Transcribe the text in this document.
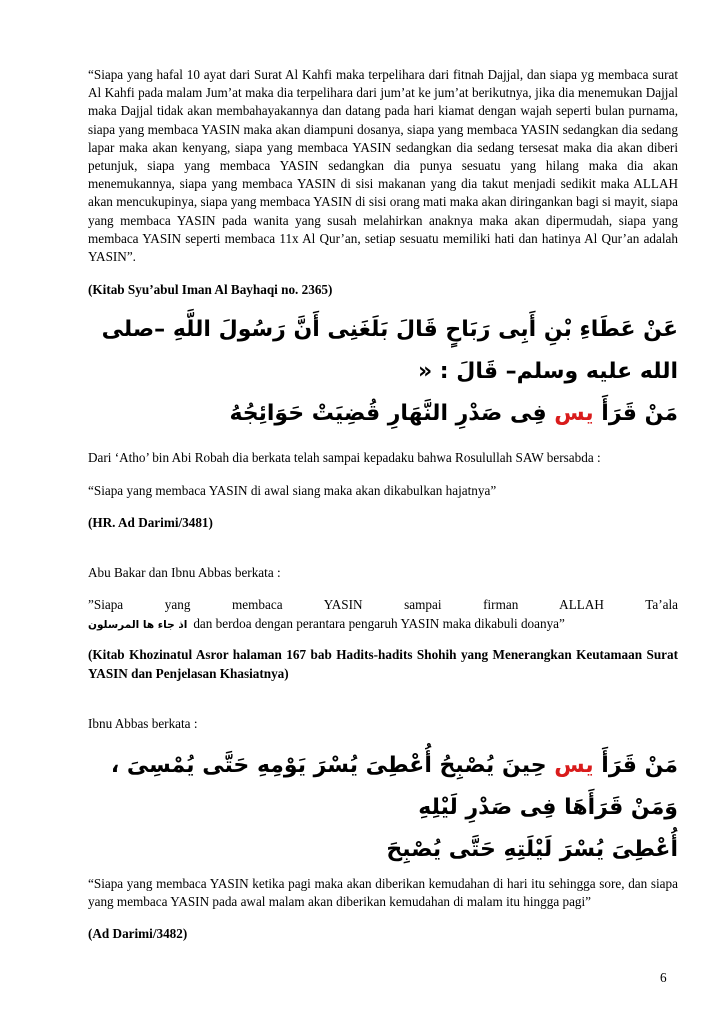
“Siapa yang hafal 10 ayat dari Surat Al Kahfi maka terpelihara dari fitnah Dajjal, dan siapa yg membaca surat Al Kahfi pada malam Jum’at maka dia terpelihara dari jum’at ke jum’at berikutnya, jika dia menemukan Dajjal maka Dajjal tidak akan membahayakannya dan datang pada hari kiamat dengan wajah seperti bulan purnama, siapa yang membaca YASIN maka akan diampuni dosanya, siapa yang membaca YASIN sedangkan dia sedang lapar maka akan kenyang, siapa yang membaca YASIN sedangkan dia sedang tersesat maka dia akan diberi petunjuk, siapa yang membaca YASIN sedangkan dia punya sesuatu yang hilang maka dia akan menemukannya, siapa yang membaca YASIN di sisi makanan yang dia takut menjadi sedikit maka ALLAH akan mencukupinya, siapa yang membaca YASIN di sisi orang mati maka akan diringankan bagi si mayit, siapa yang membaca YASIN pada wanita yang susah melahirkan anaknya maka akan dipermudah, siapa yang membaca YASIN seperti membaca 11x Al Qur’an, setiap sesuatu memiliki hati dan hatinya Al Qur’an adalah YASIN”.

(Kitab Syu’abul Iman Al Bayhaqi no. 2365)

عَنْ عَطَاءِ بْنِ أَبِى رَبَاحٍ قَالَ بَلَغَنِى أَنَّ رَسُولَ اللَّهِ –صلى الله عليه وسلم– قَالَ : «

مَنْ قَرَأَ يس فِى صَدْرِ النَّهَارِ قُضِيَتْ حَوَائِجُهُ

Dari ‘Atho’ bin Abi Robah dia berkata telah sampai kepadaku bahwa Rosulullah SAW bersabda :

“Siapa yang membaca YASIN di awal siang maka akan dikabulkan hajatnya”

(HR. Ad Darimi/3481)

Abu Bakar dan Ibnu Abbas berkata :

”Siapa yang membaca YASIN sampai firman ALLAH Ta’ala

اذ جاء ها المرسلون dan berdoa dengan perantara pengaruh YASIN maka dikabuli doanya”

(Kitab Khozinatul Asror halaman 167 bab Hadits-hadits Shohih yang Menerangkan Keutamaan Surat YASIN dan Penjelasan Khasiatnya)

Ibnu Abbas berkata :

مَنْ قَرَأَ يس حِينَ يُصْبِحُ أُعْطِىَ يُسْرَ يَوْمِهِ حَتَّى يُمْسِىَ ، وَمَنْ قَرَأَهَا فِى صَدْرِ لَيْلِهِ

أُعْطِىَ يُسْرَ لَيْلَتِهِ حَتَّى يُصْبِحَ

“Siapa yang membaca YASIN ketika pagi maka akan diberikan kemudahan di hari itu sehingga sore, dan siapa yang membaca YASIN pada awal malam akan diberikan kemudahan di malam itu hingga pagi”

(Ad Darimi/3482)

6
